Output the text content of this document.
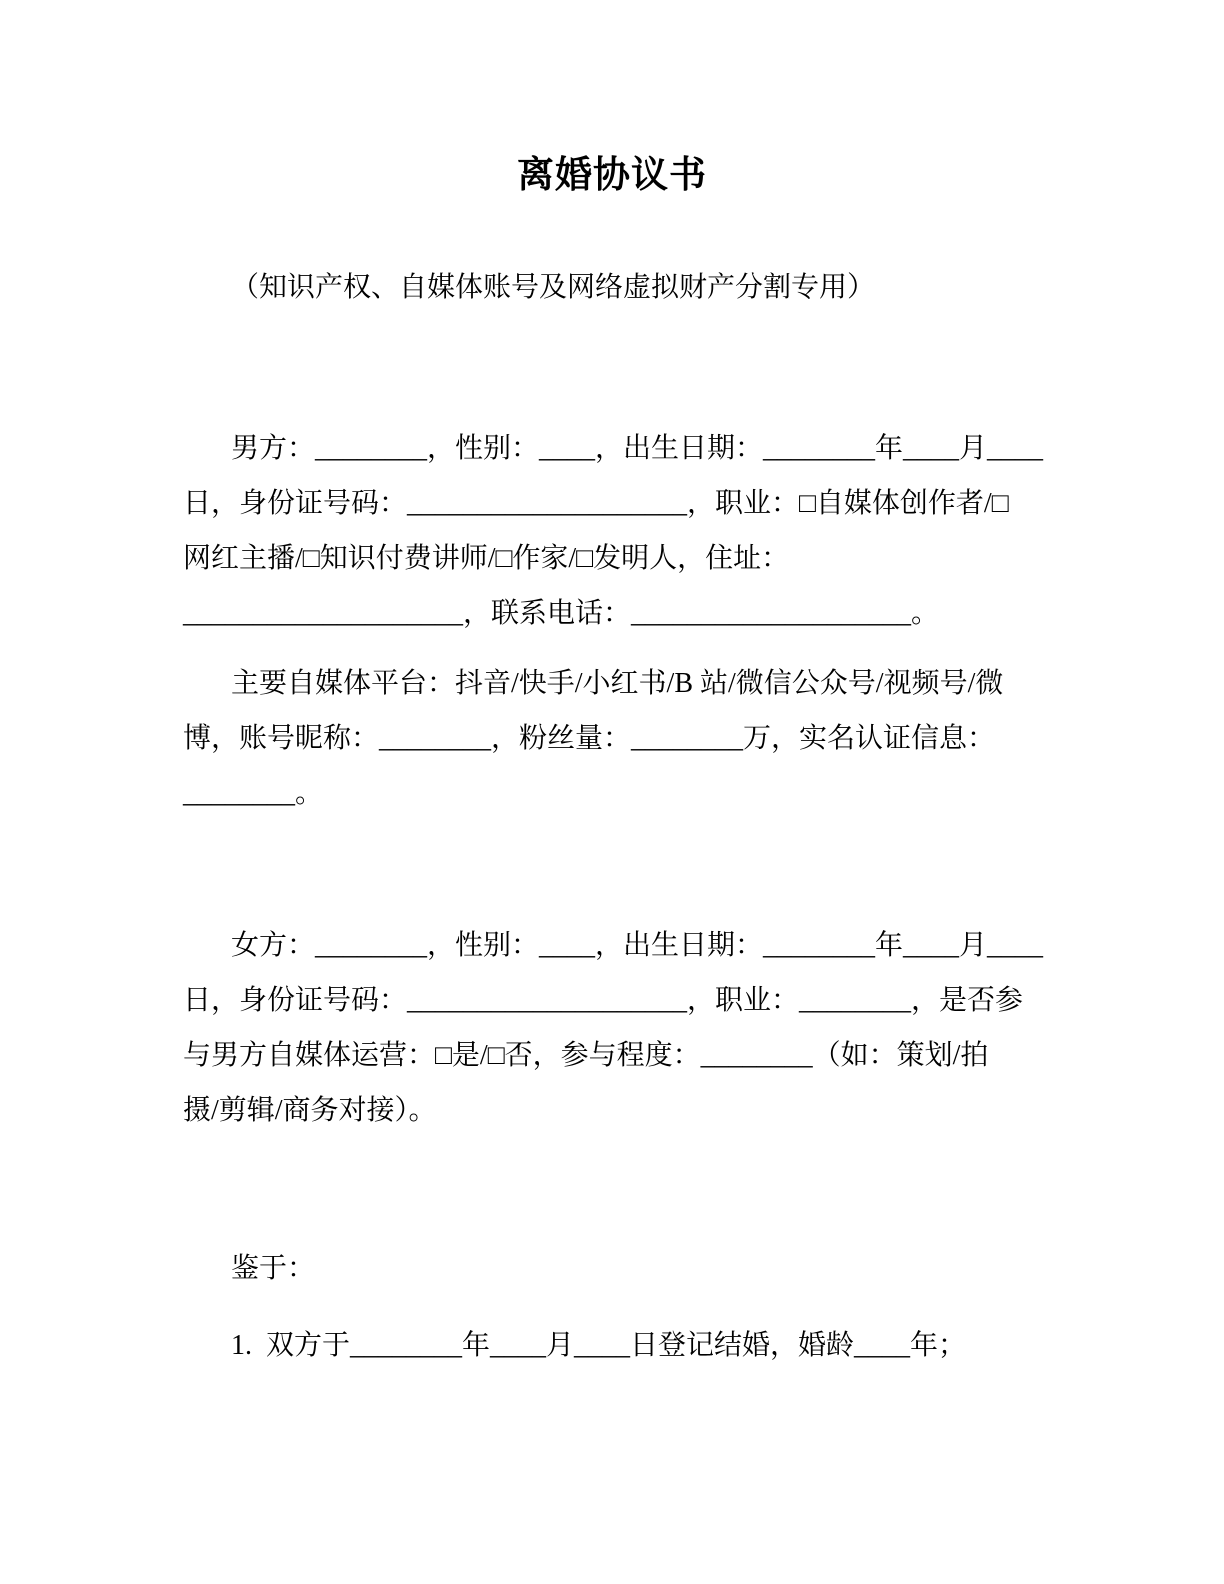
离婚协议书
（知识产权、自媒体账号及网络虚拟财产分割专用）
男方：________，性别：____，出生日期：________年____月____
日，身份证号码：____________________，职业：□自媒体创作者/□
网红主播/□知识付费讲师/□作家/□发明人，住址：
____________________，联系电话：____________________。
主要自媒体平台：抖音/快手/小红书/B 站/微信公众号/视频号/微
博，账号昵称：________，粉丝量：________万，实名认证信息：
________。
女方：________，性别：____，出生日期：________年____月____
日，身份证号码：____________________，职业：________，是否参
与男方自媒体运营：□是/□否，参与程度：________（如：策划/拍
摄/剪辑/商务对接）。
鉴于：
1.  双方于________年____月____日登记结婚，婚龄____年；
